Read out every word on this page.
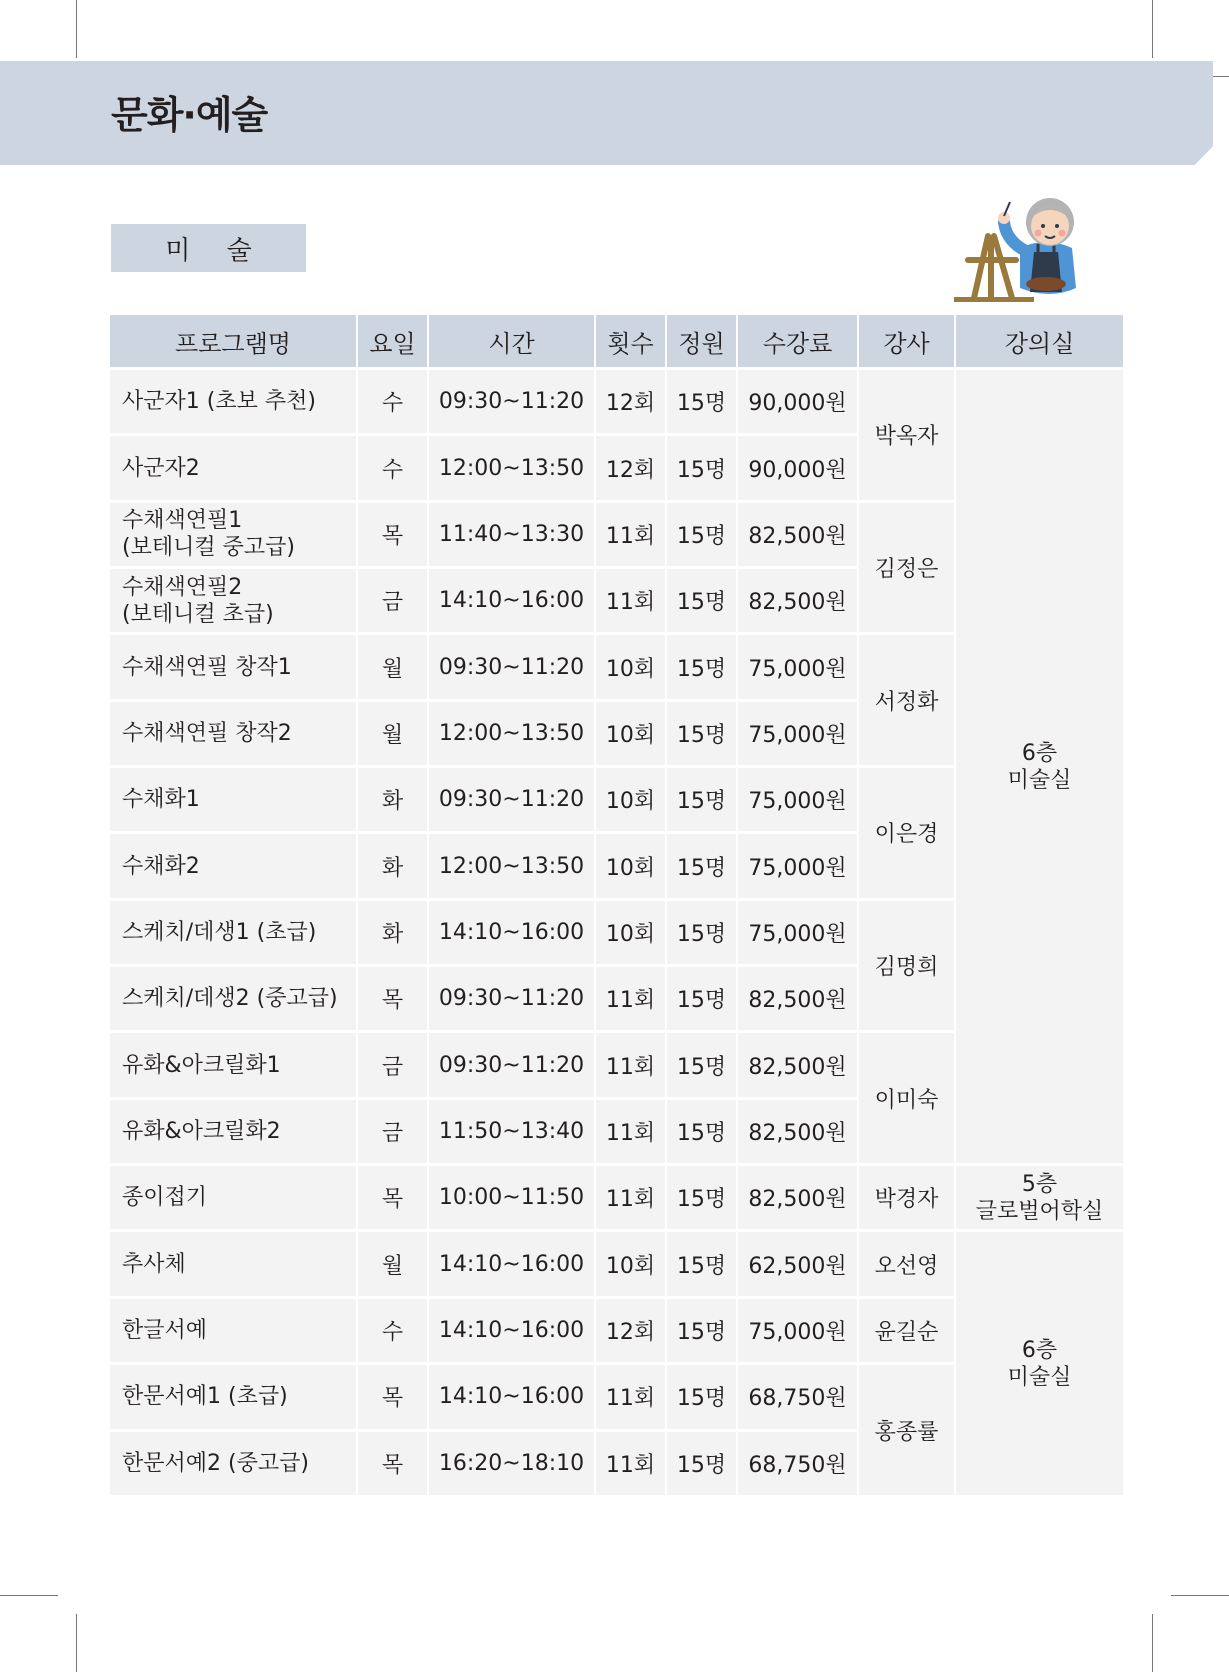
문화·예술
미 술
프로그램명	요일	시간	횟수	정원	수강료	강사	강의실
사군자1 (초보 추천)	수	09:30~11:20	12회	15명	90,000원	박옥자	6층
미술실
사군자2	수	12:00~13:50	12회	15명	90,000원		
수채색연필1
(보테니컬 중고급)	목	11:40~13:30	11회	15명	82,500원	김정은	
수채색연필2
(보테니컬 초급)	금	14:10~16:00	11회	15명	82,500원		
수채색연필 창작1	월	09:30~11:20	10회	15명	75,000원	서정화	
수채색연필 창작2	월	12:00~13:50	10회	15명	75,000원		
수채화1	화	09:30~11:20	10회	15명	75,000원	이은경	
수채화2	화	12:00~13:50	10회	15명	75,000원		
스케치/데생1 (초급)	화	14:10~16:00	10회	15명	75,000원	김명희	
스케치/데생2 (중고급)	목	09:30~11:20	11회	15명	82,500원		
유화&아크릴화1	금	09:30~11:20	11회	15명	82,500원	이미숙	
유화&아크릴화2	금	11:50~13:40	11회	15명	82,500원		
종이접기	목	10:00~11:50	11회	15명	82,500원	박경자	5층
글로벌어학실
추사체	월	14:10~16:00	10회	15명	62,500원	오선영	6층
미술실
한글서예	수	14:10~16:00	12회	15명	75,000원	윤길순	
한문서예1 (초급)	목	14:10~16:00	11회	15명	68,750원	홍종률	
한문서예2 (중고급)	목	16:20~18:10	11회	15명	68,750원		
